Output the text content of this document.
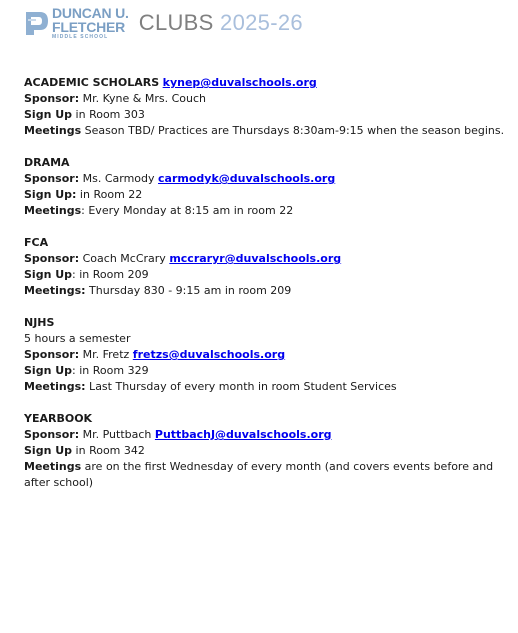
DUNCAN U.
FLETCHER
MIDDLE SCHOOL
CLUBS 2025-26
ACADEMIC SCHOLARS kynep@duvalschools.org
Sponsor: Mr. Kyne & Mrs. Couch
Sign Up in Room 303
Meetings Season TBD/ Practices are Thursdays 8:30am-9:15 when the season begins.
DRAMA
Sponsor: Ms. Carmody carmodyk@duvalschools.org
Sign Up: in Room 22
Meetings: Every Monday at 8:15 am in room 22
FCA
Sponsor: Coach McCrary mccraryr@duvalschools.org
Sign Up: in Room 209
Meetings: Thursday 830 - 9:15 am in room 209
NJHS
5 hours a semester
Sponsor: Mr. Fretz fretzs@duvalschools.org
Sign Up: in Room 329
Meetings: Last Thursday of every month in room Student Services
YEARBOOK
Sponsor: Mr. Puttbach PuttbachJ@duvalschools.org
Sign Up in Room 342
Meetings are on the first Wednesday of every month (and covers events before and after school)
